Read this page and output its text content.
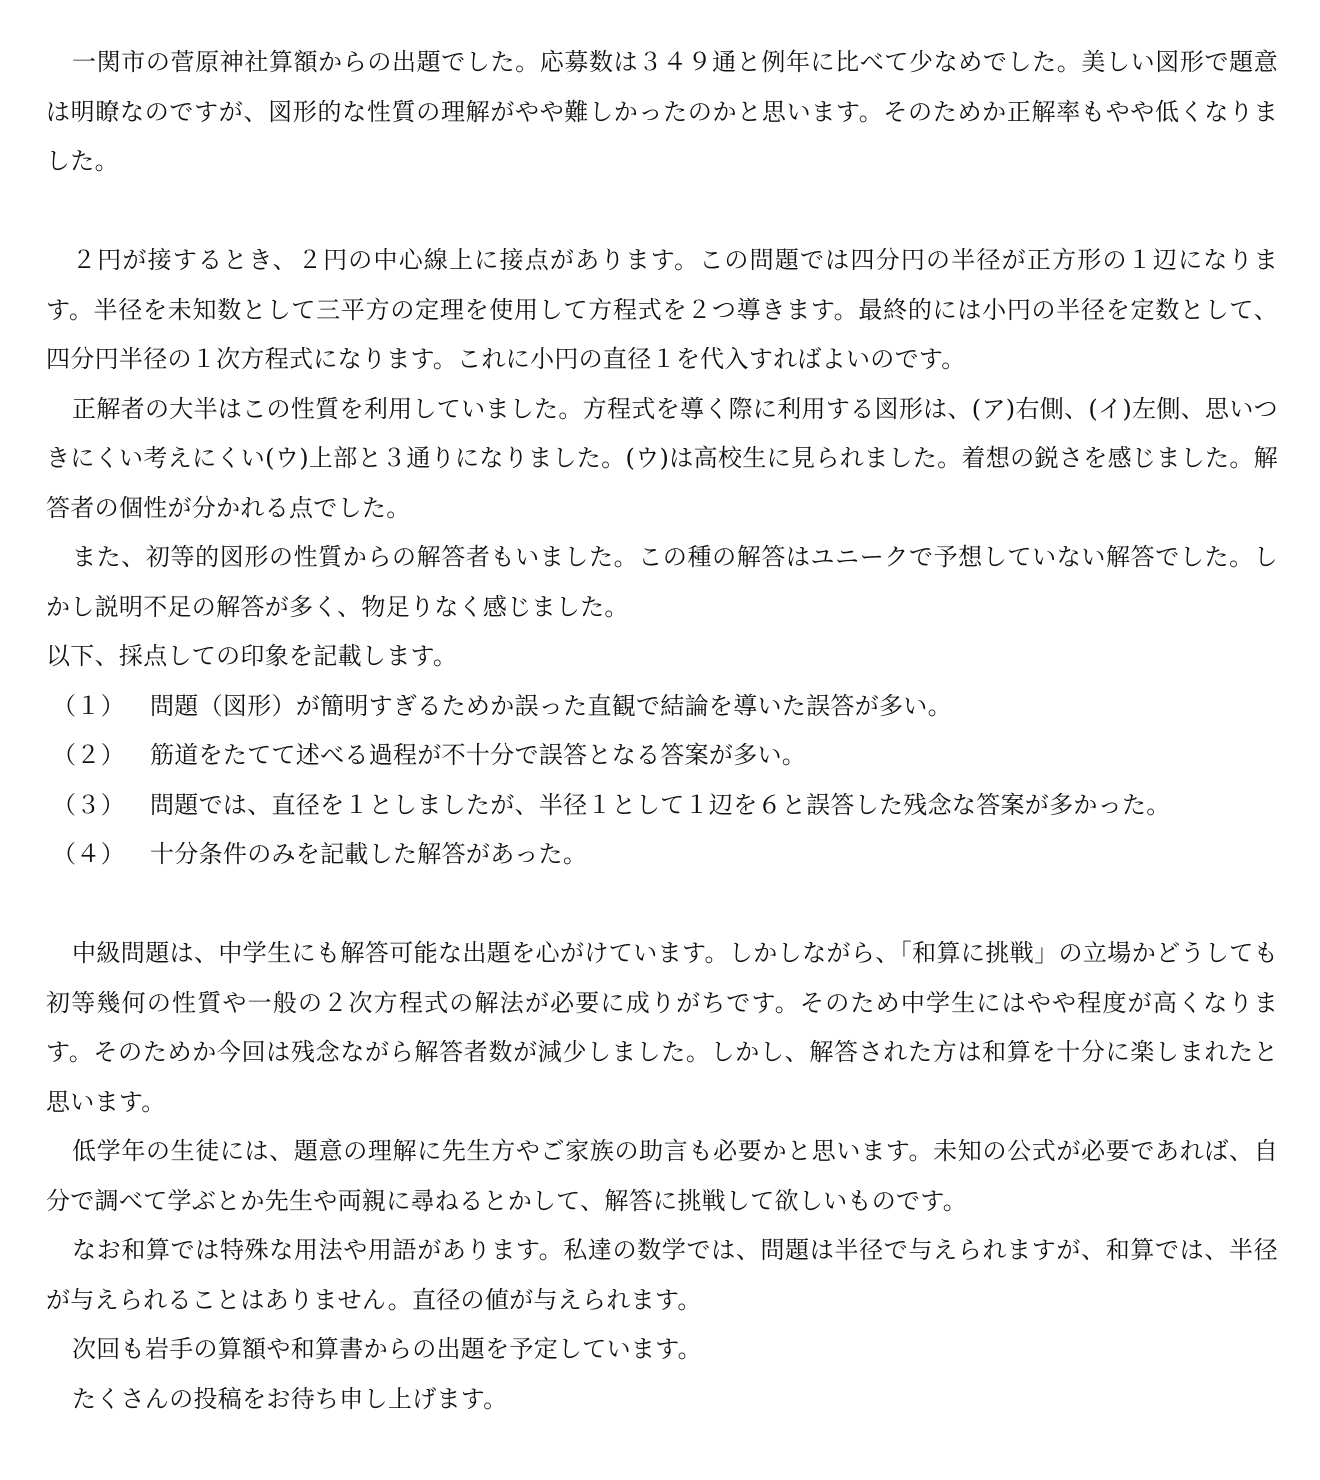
一関市の菅原神社算額からの出題でした。応募数は３４９通と例年に比べて少なめでした。美しい図形で題意は明瞭なのですが、図形的な性質の理解がやや難しかったのかと思います。そのためか正解率もやや低くなりました。

２円が接するとき、２円の中心線上に接点があります。この問題では四分円の半径が正方形の１辺になります。半径を未知数として三平方の定理を使用して方程式を２つ導きます。最終的には小円の半径を定数として、四分円半径の１次方程式になります。これに小円の直径１を代入すればよいのです。

正解者の大半はこの性質を利用していました。方程式を導く際に利用する図形は、(ア)右側、(イ)左側、思いつきにくい考えにくい(ウ)上部と３通りになりました。(ウ)は高校生に見られました。着想の鋭さを感じました。解答者の個性が分かれる点でした。

また、初等的図形の性質からの解答者もいました。この種の解答はユニークで予想していない解答でした。しかし説明不足の解答が多く、物足りなく感じました。

以下、採点しての印象を記載します。

（１）	問題（図形）が簡明すぎるためか誤った直観で結論を導いた誤答が多い。
（２）	筋道をたてて述べる過程が不十分で誤答となる答案が多い。
（３）	問題では、直径を１としましたが、半径１として１辺を６と誤答した残念な答案が多かった。
（４）	十分条件のみを記載した解答があった。

中級問題は、中学生にも解答可能な出題を心がけています。しかしながら、「和算に挑戦」の立場かどうしても初等幾何の性質や一般の２次方程式の解法が必要に成りがちです。そのため中学生にはやや程度が高くなります。そのためか今回は残念ながら解答者数が減少しました。しかし、解答された方は和算を十分に楽しまれたと思います。

低学年の生徒には、題意の理解に先生方やご家族の助言も必要かと思います。未知の公式が必要であれば、自分で調べて学ぶとか先生や両親に尋ねるとかして、解答に挑戦して欲しいものです。

なお和算では特殊な用法や用語があります。私達の数学では、問題は半径で与えられますが、和算では、半径が与えられることはありません。直径の値が与えられます。

次回も岩手の算額や和算書からの出題を予定しています。

たくさんの投稿をお待ち申し上げます。
